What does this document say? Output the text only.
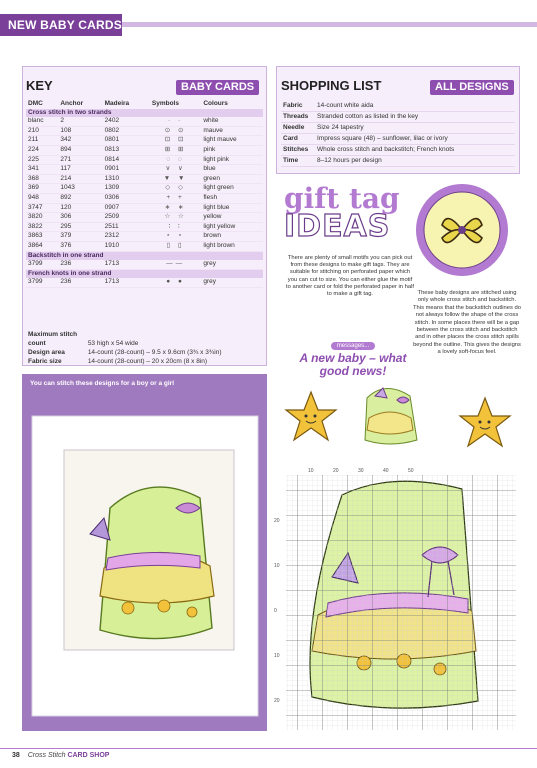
NEW BABY CARDS
KEY	BABY CARDS
DMC	Anchor	Madeira	Symbols	Colours
Cross stitch in two strands				
blanc	2	2402	· ·	white
210	108	0802	⊙ ⊙	mauve
211	342	0801	⊡ ⊡	light mauve
224	894	0813	⊞ ⊞	pink
225	271	0814	◌ ◌	light pink
341	117	0901	∨ ∨	blue
368	214	1310	▼ ▼	green
369	1043	1309	◇ ◇	light green
948	892	0306	+ +	flesh
3747	120	0907	∗ ∗	light blue
3820	306	2509	☆ ☆	yellow
3822	295	2511	∶ ∶	light yellow
3863	379	2312	⋆ ⋆	brown
3864	376	1910	▯ ▯	light brown
Backstitch in one strand				
3799	236	1713	——	grey
French knots in one strand				
3799	236	1713	● ●	grey
Maximum stitch count	53 high x 54 wide
Design area	14-count (28-count) – 9.5 x 9.6cm (3¾ x 3¾in)
Fabric size	14-count (28-count) – 20 x 20cm (8 x 8in)
SHOPPING LIST	ALL DESIGNS
Fabric	14-count white aida
Threads	Stranded cotton as listed in the key
Needle	Size 24 tapestry
Card	Impress square (48) – sunflower, lilac or ivory
Stitches	Whole cross stitch and backstitch; French knots
Time	8–12 hours per design
gift tag
IDEAS
There are plenty of small motifs you can pick out from these designs to make gift tags. They are suitable for stitching on perforated paper which you can cut to size. You can either glue the motif to another card or fold the perforated paper in half to make a gift tag.
messages...
A new baby – what good news!
These baby designs are stitched using only whole cross stitch and backstitch. This means that the backstitch outlines do not always follow the shape of the cross stitch. In some places there will be a gap between the cross stitch and backstitch and in other places the cross stitch spills beyond the outline. This gives the designs a lovely soft-focus feel.
You can stitch these designs for a boy or a girl
10	20	30	40	50
20
10
0
10
20
38 Cross Stitch CARD SHOP
